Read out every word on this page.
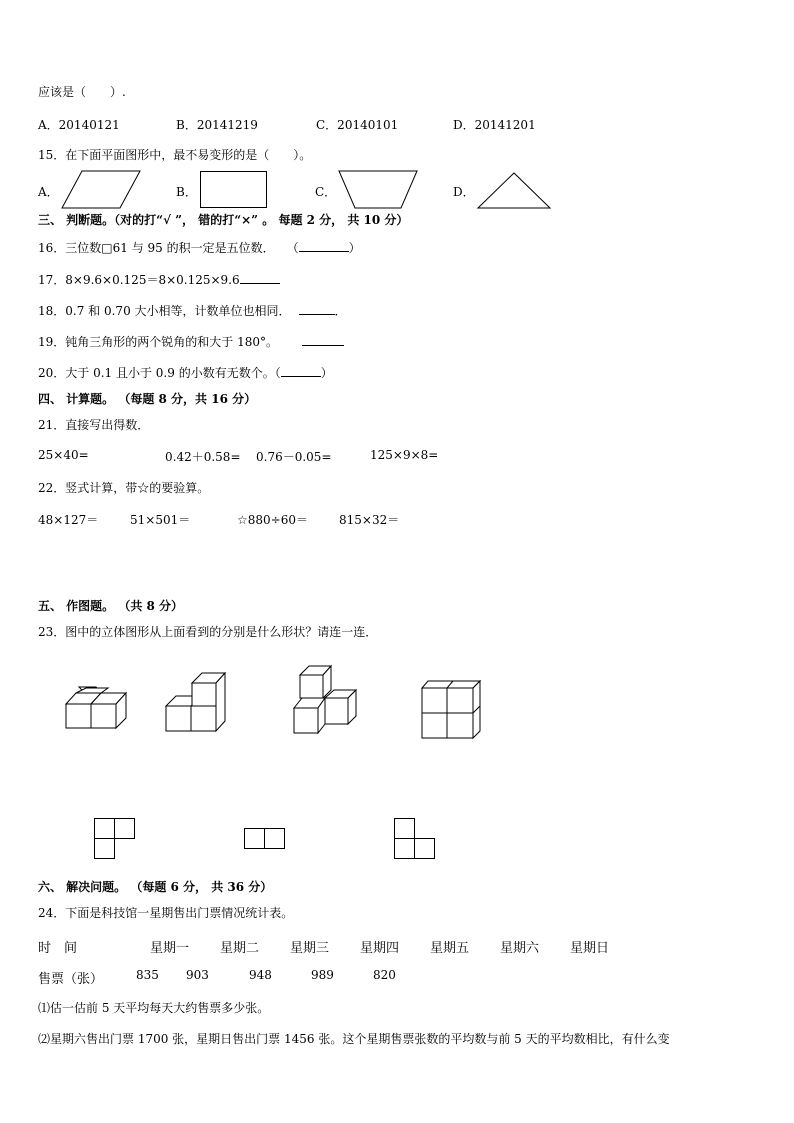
应该是（　　）.
A．20140121	B．20141219	C．20140101	D．20141201
15．在下面平面图形中，最不易变形的是（　　）。
A．	B．	C．	D．
三、 判断题。（对的打“√ ”， 错的打“×” 。 每题 2 分， 共 10 分）
16．三位数□61 与 95 的积一定是五位数．　　（	）
17．8×9.6×0.125＝8×0.125×9.6
18．0.7 和 0.70 大小相等，计数单位也相同．	．
19．钝角三角形的两个锐角的和大于 180°。
20．大于 0.1 且小于 0.9 的小数有无数个。（	）
四、 计算题。 （每题 8 分，共 16 分）
21．直接写出得数．
25×40=	0.42＋0.58= 0.76－0.05=	125×9×8=
22．竖式计算，带☆的要验算。
48×127＝	51×501＝	☆880÷60＝	815×32＝
五、 作图题。 （共 8 分）
23．图中的立体图形从上面看到的分别是什么形状？请连一连．
六、 解决问题。 （每题 6 分， 共 36 分）
24．下面是科技馆一星期售出门票情况统计表。
时　间	星期一 星期二 星期三 星期四 星期五 星期六 星期日
售票（张）	835 903	948	989	820
⑴估一估前 5 天平均每天大约售票多少张。
⑵星期六售出门票 1700 张，星期日售出门票 1456 张。这个星期售票张数的平均数与前 5 天的平均数相比，有什么变
